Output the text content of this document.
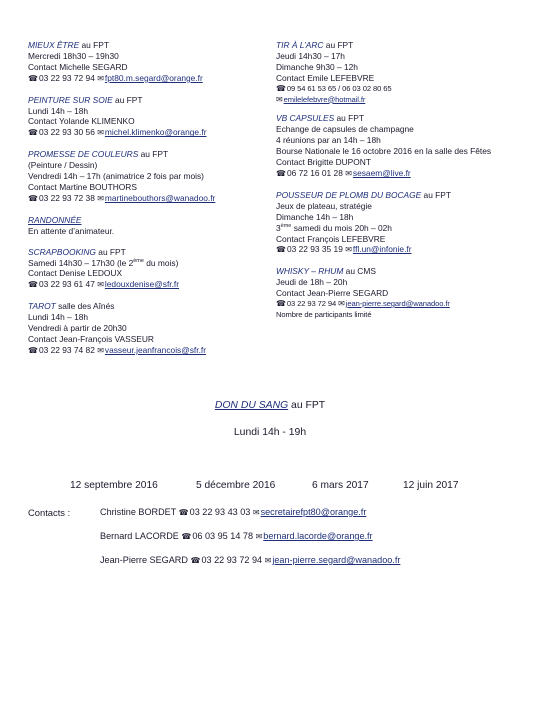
MIEUX ÊTRE au FPT
Mercredi 18h30 – 19h30
Contact Michelle SEGARD
☎03 22 93 72 94 ✉fpt80.m.segard@orange.fr
PEINTURE SUR SOIE au FPT
Lundi 14h – 18h
Contact Yolande KLIMENKO
☎03 22 93 30 56 ✉michel.klimenko@orange.fr
PROMESSE DE COULEURS au FPT
(Peinture / Dessin)
Vendredi 14h – 17h (animatrice 2 fois par mois)
Contact Martine BOUTHORS
☎03 22 93 72 38 ✉martinebouthors@wanadoo.fr
RANDONNÉE
En attente d’animateur.
SCRAPBOOKING au FPT
Samedi 14h30 – 17h30 (le 2ème du mois)
Contact Denise LEDOUX
☎03 22 93 61 47 ✉ledouxdenise@sfr.fr
TAROT salle des Aînés
Lundi 14h – 18h
Vendredi à partir de 20h30
Contact Jean-François VASSEUR
☎03 22 93 74 82 ✉vasseur.jeanfrancois@sfr.fr
TIR À L’ARC au FPT
Jeudi 14h30 – 17h
Dimanche 9h30 – 12h
Contact Emile LEFEBVRE
☎09 54 61 53 65 / 06 03 02 80 65
✉emilelefebvre@hotmail.fr
VB CAPSULES au FPT
Echange de capsules de champagne
4 réunions par an 14h – 18h
Bourse Nationale le 16 octobre 2016 en la salle des Fêtes
Contact Brigitte DUPONT
☎06 72 16 01 28 ✉sesaem@live.fr
POUSSEUR DE PLOMB DU BOCAGE au FPT
Jeux de plateau, stratégie
Dimanche 14h – 18h
3ème samedi du mois 20h – 02h
Contact François LEFEBVRE
☎03 22 93 35 19 ✉ffl.un@infonie.fr
WHISKY – RHUM au CMS
Jeudi de 18h – 20h
Contact Jean-Pierre SEGARD
☎03 22 93 72 94 ✉jean-pierre.segard@wanadoo.fr
Nombre de participants limité
DON DU SANG au FPT
Lundi 14h - 19h
12 septembre 2016	5 décembre 2016	6 mars 2017	12 juin 2017
Contacts :	Christine BORDET ☎03 22 93 43 03 ✉secretairefpt80@orange.fr
Bernard LACORDE ☎06 03 95 14 78 ✉bernard.lacorde@orange.fr
Jean-Pierre SEGARD ☎03 22 93 72 94 ✉jean-pierre.segard@wanadoo.fr
